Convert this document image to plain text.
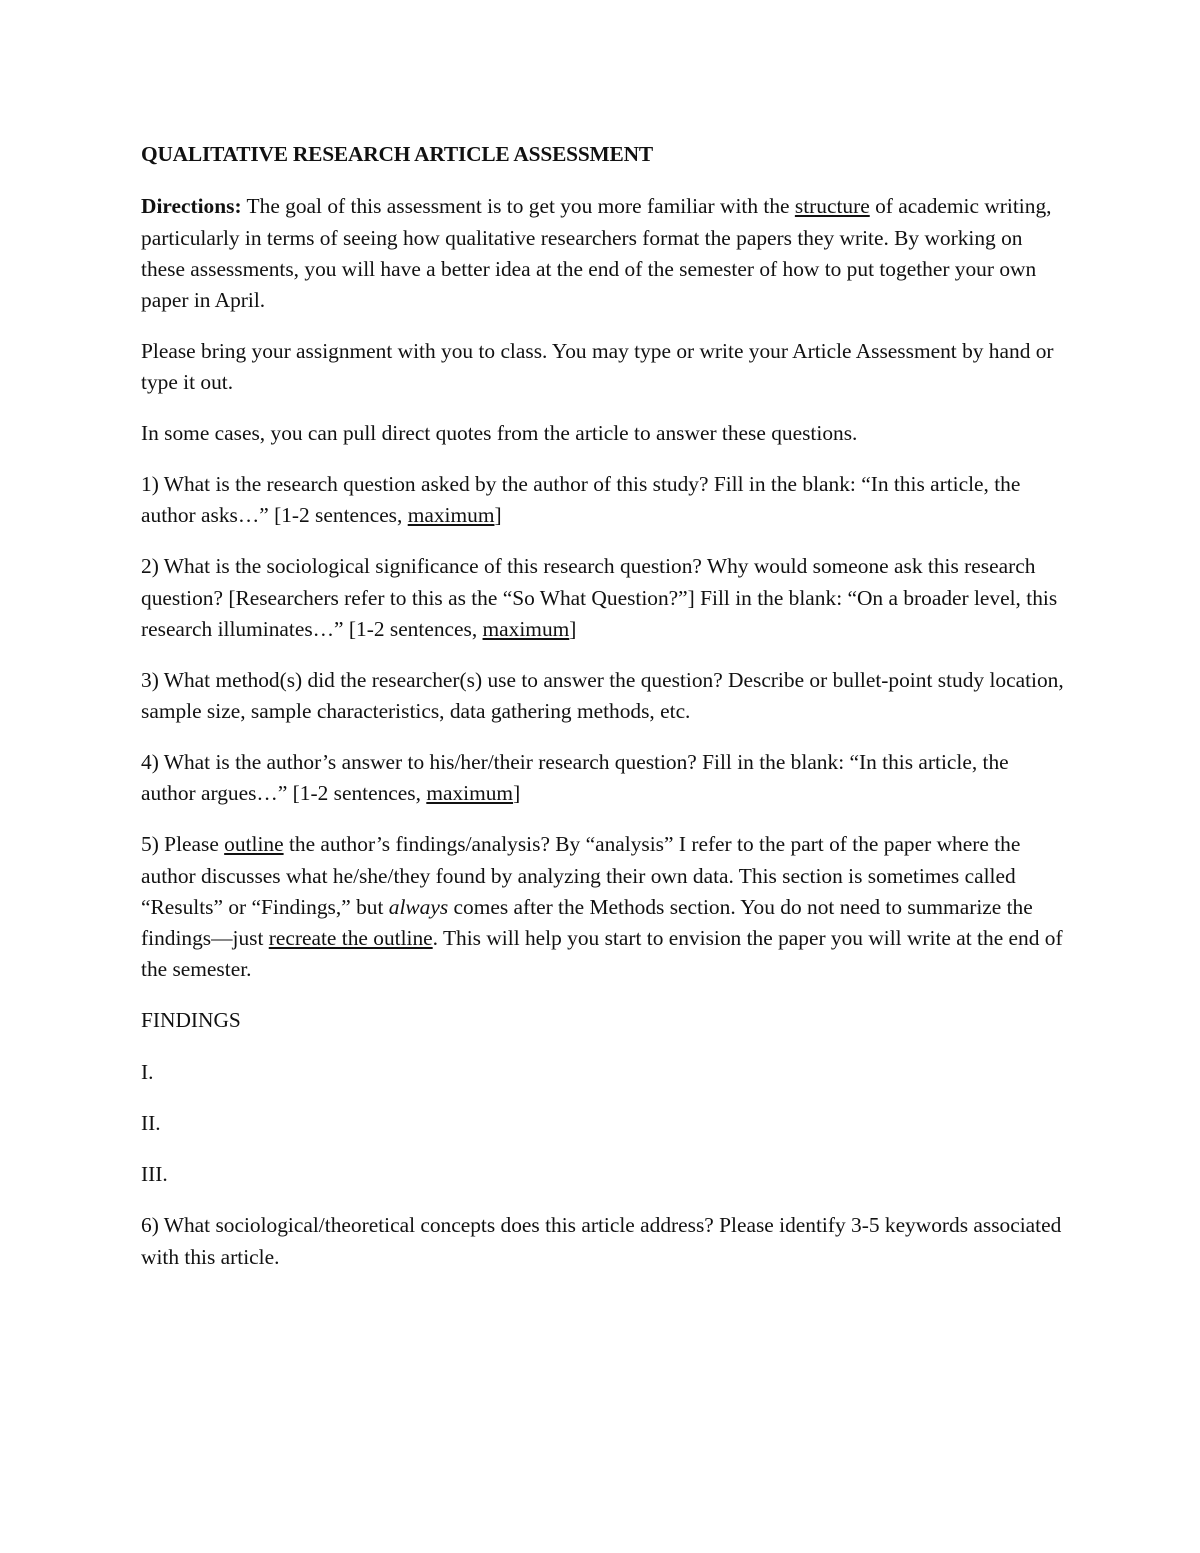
QUALITATIVE RESEARCH ARTICLE ASSESSMENT

Directions: The goal of this assessment is to get you more familiar with the structure of academic writing, particularly in terms of seeing how qualitative researchers format the papers they write. By working on these assessments, you will have a better idea at the end of the semester of how to put together your own paper in April.

Please bring your assignment with you to class. You may type or write your Article Assessment by hand or type it out.

In some cases, you can pull direct quotes from the article to answer these questions.

1) What is the research question asked by the author of this study? Fill in the blank: “In this article, the author asks…” [1-2 sentences, maximum]

2) What is the sociological significance of this research question? Why would someone ask this research question? [Researchers refer to this as the “So What Question?”] Fill in the blank: “On a broader level, this research illuminates…” [1-2 sentences, maximum]

3) What method(s) did the researcher(s) use to answer the question? Describe or bullet-point study location, sample size, sample characteristics, data gathering methods, etc.

4) What is the author’s answer to his/her/their research question? Fill in the blank: “In this article, the author argues…” [1-2 sentences, maximum]

5) Please outline the author’s findings/analysis? By “analysis” I refer to the part of the paper where the author discusses what he/she/they found by analyzing their own data. This section is sometimes called “Results” or “Findings,” but always comes after the Methods section. You do not need to summarize the findings—just recreate the outline. This will help you start to envision the paper you will write at the end of the semester.

FINDINGS

I.

II.

III.

6) What sociological/theoretical concepts does this article address? Please identify 3-5 keywords associated with this article.
